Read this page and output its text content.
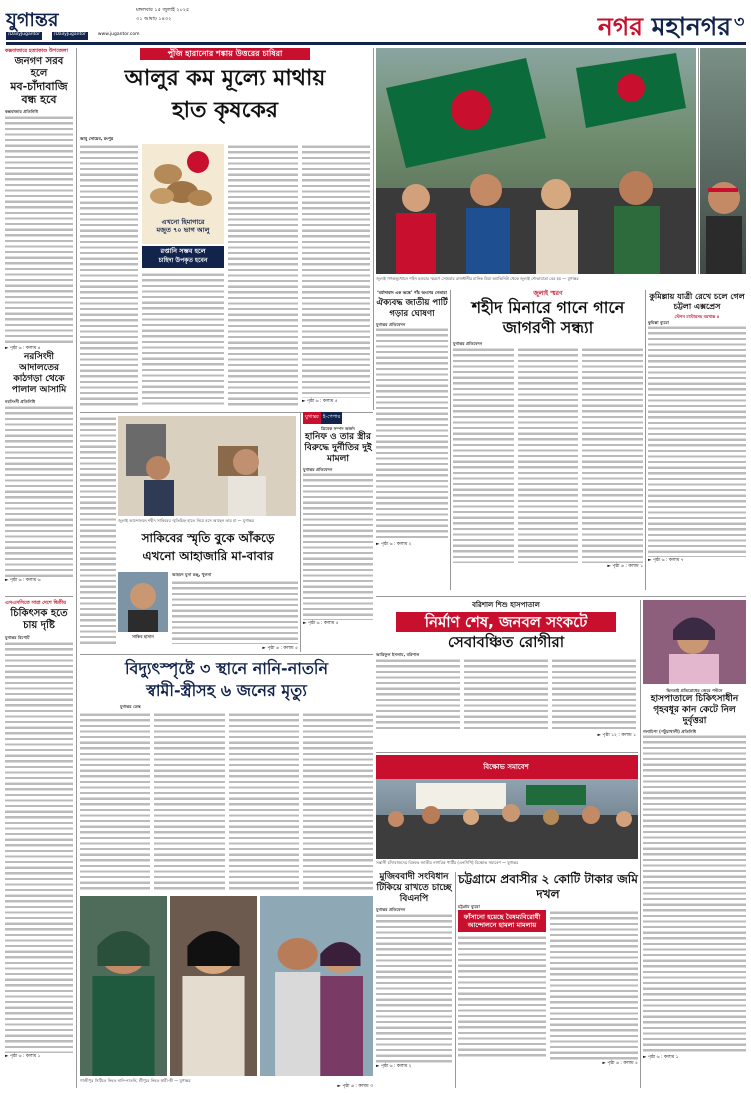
যুগান্তর	মঙ্গলবার ১৫ জুলাই ২০২৫
৩১ আষাঢ় ১৪৩২
/DailyJugantor	/DailyJugantor	www.jugantor.com	নগর মহানগর ৩
কক্সবাজারে হত্যাকাণ্ড উপজেলা
জনগণ সরব হলে
মব-চাঁদাবাজি
বন্ধ হবে
কক্সবাজার প্রতিনিধি
► পৃষ্ঠা ৬ : কলাম ৪
নরসিংদী আদালতের কাঠগড়া থেকে পালাল আসামি
নরসিংদী প্রতিনিধি
► পৃষ্ঠা ৬ : কলাম ৬
এসএসসিতে সারা দেশে দ্বিতীয়
চিকিৎসক হতে চায় দৃষ্টি
যুগান্তর রিপোর্ট
► পৃষ্ঠা ৬ : কলাম ১
পুঁজি হারানোর শঙ্কায় উত্তরের চাষিরা
আলুর কম মূল্যে মাথায়
হাত কৃষকের
আবু সোয়েব, রংপুর
এখনো হিমাগারে
মজুত ৭০ ভাগ আলু
রপ্তানি সম্ভব হলে
চাহিদা উপকৃত হবেন
► পৃষ্ঠা ৬ : কলাম ৫
জুলাই গণঅভ্যুত্থানে শহিদ হওয়ার স্মরণে সোমবার রাজধানীর মানিক মিয়া অ্যাভিনিউ থেকে জুলাই শোভাযাত্রা বের হয় — যুগান্তর
কুমিল্লায় যাত্রী রেখে চলে গেল চট্টলা এক্সপ্রেস
স্টেশন মাস্টারসহ বরখাস্ত ৪
কুমিল্লা ব্যুরো
► পৃষ্ঠা ৬ : কলাম ৭
‘মর্যাদাবাদ এক অঙ্কে’ পাঁচ অংশের নেতারা
ঐক্যবদ্ধ জাতীয় পার্টি গড়ার ঘোষণা
যুগান্তর প্রতিবেদন
► পৃষ্ঠা ৬ : কলাম ২
জুলাই স্মরণ
শহীদ মিনারে গানে গানে
জাগরণী সন্ধ্যা
যুগান্তর প্রতিবেদন
► পৃষ্ঠা ৬ : কলাম ১
জুলাই আন্দোলনে শহীদ সাকিবের স্মৃতিচিহ্ন হাতে নিয়ে বসে আছেন তার মা — যুগান্তর
সাকিবের স্মৃতি বুকে আঁকড়ে
এখনো আহাজারি মা-বাবার
সাকিব হাসান
আহমদ মুসা রঞ্জু, খুলনা
► পৃষ্ঠা ৬ : কলাম ৫
যুগান্তর ই-পেপার
ত্রিবেক সম্পদ অর্জন
হানিফ ও তার স্ত্রীর বিরুদ্ধে দুর্নীতির দুই মামলা
যুগান্তর প্রতিবেদন
► পৃষ্ঠা ৬ : কলাম ৫
বরিশাল শিশু হাসপাতাল
নির্মাণ শেষ, জনবল সংকটে
সেবাবঞ্চিত রোগীরা
আরিফুল ইসলাম, বরিশাল
► পৃষ্ঠা ১২ : কলাম ১
ছিনতাই প্রতিরোধের জেরে পল্টনে
হাসপাতালে চিকিৎসাধীন গৃহবধূর কান কেটে নিল দুর্বৃত্তরা
গলাচিপা (পটুয়াখালী) প্রতিনিধি
► পৃষ্ঠা ৬ : কলাম ১
বিদ্যুৎস্পৃষ্টে ৩ স্থানে নানি-নাতনি
স্বামী-স্ত্রীসহ ৬ জনের মৃত্যু
যুগান্তর ডেস্ক
গাজীপুর সিটিতে নিহত নানি-নাতনি; শ্রীপুরে নিহত স্বামী-স্ত্রী — যুগান্তর
► পৃষ্ঠা ৬ : কলাম ৩
বিক্ষোভ সমাবেশ
সন্ত্রাসী চাঁদাবাজদের বিরুদ্ধে জাতীয় নাগরিক পার্টির (এনসিপি) বিক্ষোভ সমাবেশ — যুগান্তর
মুজিববাদী সংবিধান টিকিয়ে রাখতে চাচ্ছে বিএনপি
যুগান্তর প্রতিবেদন
► পৃষ্ঠা ৬ : কলাম ২
চট্টগ্রামে প্রবাসীর ২ কোটি টাকার জমি দখল
চট্টগ্রাম ব্যুরো
ফাঁসানো হয়েছে বৈষম্যবিরোধী আন্দোলনে হামলা মামলায়
► পৃষ্ঠা ৬ : কলাম ৫
